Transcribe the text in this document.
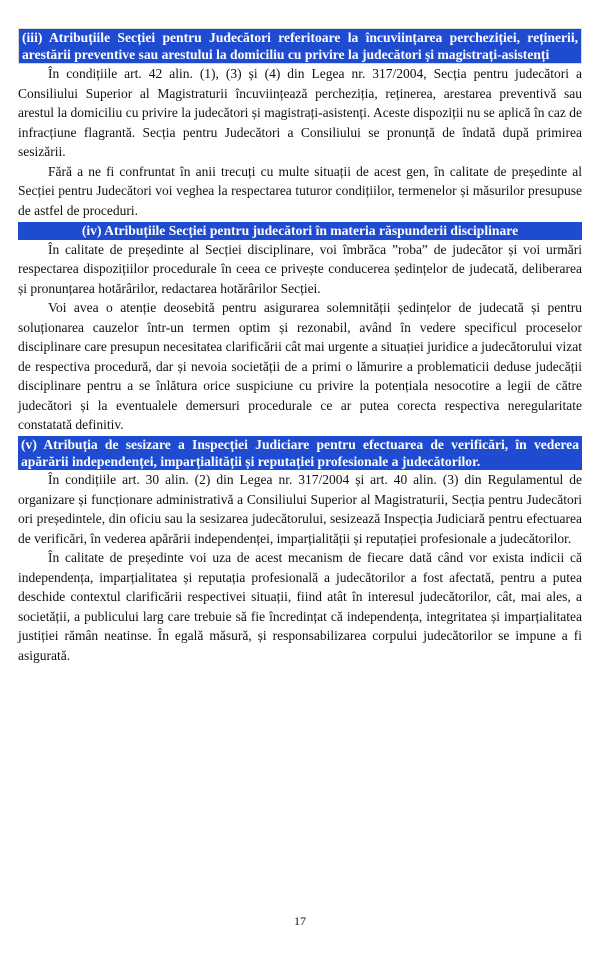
(iii) Atribuțiile Secției pentru Judecători referitoare la încuviințarea percheziției, reținerii, arestării preventive sau arestului la domiciliu cu privire la judecători și magistrați-asistenți

În condițiile art. 42 alin. (1), (3) și (4) din Legea nr. 317/2004, Secția pentru judecători a Consiliului Superior al Magistraturii încuviințează percheziția, reținerea, arestarea preventivă sau arestul la domiciliu cu privire la judecători și magistrați-asistenți. Aceste dispoziții nu se aplică în caz de infracțiune flagrantă. Secția pentru Judecători a Consiliului se pronunță de îndată după primirea sesizării.

Fără a ne fi confruntat în anii trecuți cu multe situații de acest gen, în calitate de președinte al Secției pentru Judecători voi veghea la respectarea tuturor condițiilor, termenelor și măsurilor presupuse de astfel de proceduri.

(iv) Atribuțiile Secției pentru judecători în materia răspunderii disciplinare

În calitate de președinte al Secției disciplinare, voi îmbrăca ”roba” de judecător și voi urmări respectarea dispozițiilor procedurale în ceea ce privește conducerea ședințelor de judecată, deliberarea și pronunțarea hotărârilor, redactarea hotărârilor Secției.

Voi avea o atenție deosebită pentru asigurarea solemnității ședințelor de judecată și pentru soluționarea cauzelor într-un termen optim și rezonabil, având în vedere specificul proceselor disciplinare care presupun necesitatea clarificării cât mai urgente a situației juridice a judecătorului vizat de respectiva procedură, dar și nevoia societății de a primi o lămurire a problematicii deduse judecății disciplinare pentru a se înlătura orice suspiciune cu privire la potențiala nesocotire a legii de către judecători și la eventualele demersuri procedurale ce ar putea corecta respectiva neregularitate constatată definitiv.

(v) Atribuția de sesizare a Inspecției Judiciare pentru efectuarea de verificări, în vederea apărării independenței, imparțialității și reputației profesionale a judecătorilor.

În condițiile art. 30 alin. (2) din Legea nr. 317/2004 și art. 40 alin. (3) din Regulamentul de organizare și funcționare administrativă a Consiliului Superior al Magistraturii, Secția pentru Judecători ori președintele, din oficiu sau la sesizarea judecătorului, sesizează Inspecția Judiciară pentru efectuarea de verificări, în vederea apărării independenței, imparțialității și reputației profesionale a judecătorilor.

În calitate de președinte voi uza de acest mecanism de fiecare dată când vor exista indicii că independența, imparțialitatea și reputația profesională a judecătorilor a fost afectată, pentru a putea deschide contextul clarificării respectivei situații, fiind atât în interesul judecătorilor, cât, mai ales, a societății, a publicului larg care trebuie să fie încredințat că independența, integritatea și imparțialitatea justiției rămân neatinse. În egală măsură, și responsabilizarea corpului judecătorilor se impune a fi asigurată.

17
